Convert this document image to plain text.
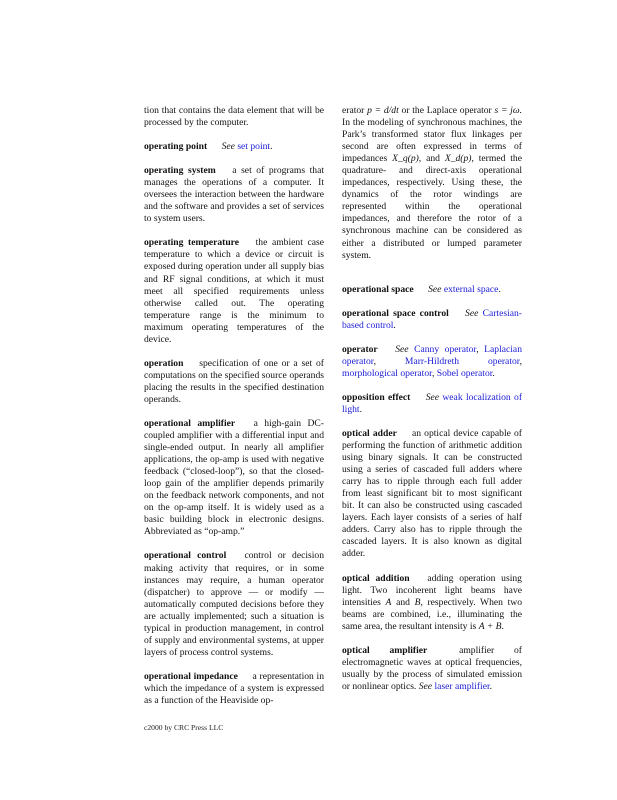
tion that contains the data element that will be processed by the computer.

operating point See set point.

operating system a set of programs that manages the operations of a computer. It oversees the interaction between the hardware and the software and provides a set of services to system users.

operating temperature the ambient case temperature to which a device or circuit is exposed during operation under all supply bias and RF signal conditions, at which it must meet all specified requirements unless otherwise called out. The operating temperature range is the minimum to maximum operating temperatures of the device.

operation specification of one or a set of computations on the specified source operands placing the results in the specified destination operands.

operational amplifier a high-gain DC-coupled amplifier with a differential input and single-ended output. In nearly all amplifier applications, the op-amp is used with negative feedback (“closed-loop”), so that the closed-loop gain of the amplifier depends primarily on the feedback network components, and not on the op-amp itself. It is widely used as a basic building block in electronic designs. Abbreviated as “op-amp.”

operational control control or decision making activity that requires, or in some instances may require, a human operator (dispatcher) to approve — or modify — automatically computed decisions before they are actually implemented; such a situation is typical in production management, in control of supply and environmental systems, at upper layers of process control systems.

operational impedance a representation in which the impedance of a system is expressed as a function of the Heaviside op-

erator p = d/dt or the Laplace operator s = jω. In the modeling of synchronous machines, the Park’s transformed stator flux linkages per second are often expressed in terms of impedances X_q(p), and X_d(p), termed the quadrature- and direct-axis operational impedances, respectively. Using these, the dynamics of the rotor windings are represented within the operational impedances, and therefore the rotor of a synchronous machine can be considered as either a distributed or lumped parameter system.

operational space See external space.

operational space control See Cartesian-based control.

operator See Canny operator, Laplacian operator, Marr-Hildreth operator, morphological operator, Sobel operator.

opposition effect See weak localization of light.

optical adder an optical device capable of performing the function of arithmetic addition using binary signals. It can be constructed using a series of cascaded full adders where carry has to ripple through each full adder from least significant bit to most significant bit. It can also be constructed using cascaded layers. Each layer consists of a series of half adders. Carry also has to ripple through the cascaded layers. It is also known as digital adder.

optical addition adding operation using light. Two incoherent light beams have intensities A and B, respectively. When two beams are combined, i.e., illuminating the same area, the resultant intensity is A + B.

optical amplifier	amplifier of electromagnetic waves at optical frequencies, usually by the process of simulated emission or nonlinear optics. See laser amplifier.

c2000 by CRC Press LLC
